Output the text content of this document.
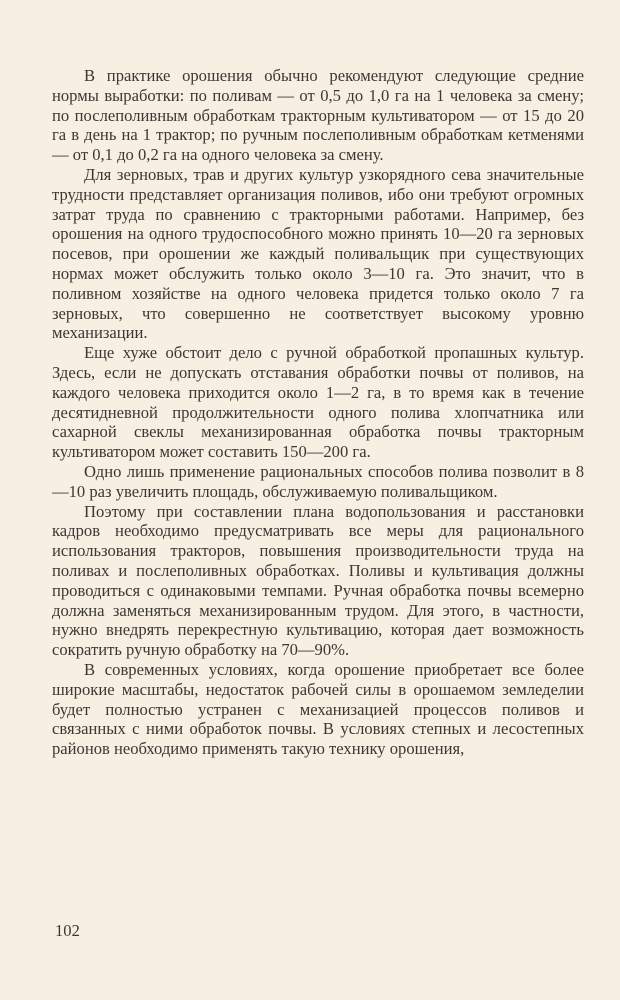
В практике орошения обычно рекомендуют следующие средние нормы выработки: по поливам — от 0,5 до 1,0 га на 1 человека за смену; по послеполивным обработкам тракторным культиватором — от 15 до 20 га в день на 1 трактор; по ручным послеполивным обработкам кетменями — от 0,1 до 0,2 га на одного человека за смену.

Для зерновых, трав и других культур узкорядного сева значительные трудности представляет организация поливов, ибо они требуют огромных затрат труда по сравнению с тракторными работами. Например, без орошения на одного трудоспособного можно принять 10—20 га зерновых посевов, при орошении же каждый поливальщик при существующих нормах может обслужить только около 3—10 га. Это значит, что в поливном хозяйстве на одного человека придется только около 7 га зерновых, что совершенно не соответствует высокому уровню механизации.

Еще хуже обстоит дело с ручной обработкой пропашных культур. Здесь, если не допускать отставания обработки почвы от поливов, на каждого человека приходится около 1—2 га, в то время как в течение десятидневной продолжительности одного полива хлопчатника или сахарной свеклы механизированная обработка почвы тракторным культиватором может составить 150—200 га.

Одно лишь применение рациональных способов полива позволит в 8—10 раз увеличить площадь, обслуживаемую поливальщиком.

Поэтому при составлении плана водопользования и расстановки кадров необходимо предусматривать все меры для рационального использования тракторов, повышения производительности труда на поливах и послеполивных обработках. Поливы и культивация должны проводиться с одинаковыми темпами. Ручная обработка почвы всемерно должна заменяться механизированным трудом. Для этого, в частности, нужно внедрять перекрестную культивацию, которая дает возможность сократить ручную обработку на 70—90%.

В современных условиях, когда орошение приобретает все более широкие масштабы, недостаток рабочей силы в орошаемом земледелии будет полностью устранен с механизацией процессов поливов и связанных с ними обработок почвы. В условиях степных и лесостепных районов необходимо применять такую технику орошения,

102
